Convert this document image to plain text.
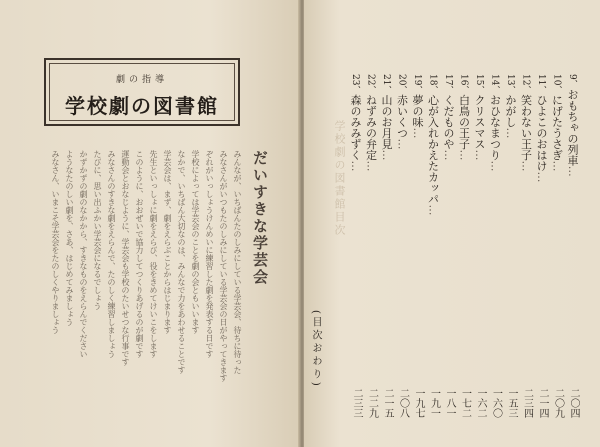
劇の指導
学校劇の図書館
だいすきな学芸会
みんなが、いちばんたのしみにしている学芸会、待ちに待った
みなさんがいつもたのしみにしている学芸会の日がやってきます
ぞれがいっしょうけんめいに練習した劇を発表する日です
学校によっては学芸会のことを劇の会ともいいます
なかで、いちばん大切なのは、みんなで力をあわせることです
学芸会は、まず、劇をえらぶことからはじまります
先生といっしょに劇をえらび、役をきめてけいこをします
このように、おおぜいで協力してつくりあげるのが劇です
運動会とおなじように、学芸会も学校のたいせつな行事です
みなさんのすきな劇をえらんで、たのしく練習しましょう
たびに、思い出ふかい学芸会になるでしょう
かずかずの劇のなかから、すきなものをえらんでください
ようなたのしい劇を、さあ、はじめてみましょう
みなさん、いまこそ学芸会をたのしくやりましょう
9、おもちゃの列車…
二〇四
10、にげたうさぎ…
二〇九
11、ひよこのおはけ…
二一四
12、笑わない王子…
二三四
13、かがし…
一五三
14、おひなまつり…
一六〇
15、クリスマス…
一六二
16、白鳥の王子…
一七二
17、くだものや…
一八一
18、心が入れかえたカッパ…
一九一
19、夢の味…
一九七
20、赤いくつ…
二〇八
21、山のお月見…
二一五
22、ねずみの弁定…
二二九
23、森のみみずく…
二三三
学校劇の図書館目次
(目次おわり)
